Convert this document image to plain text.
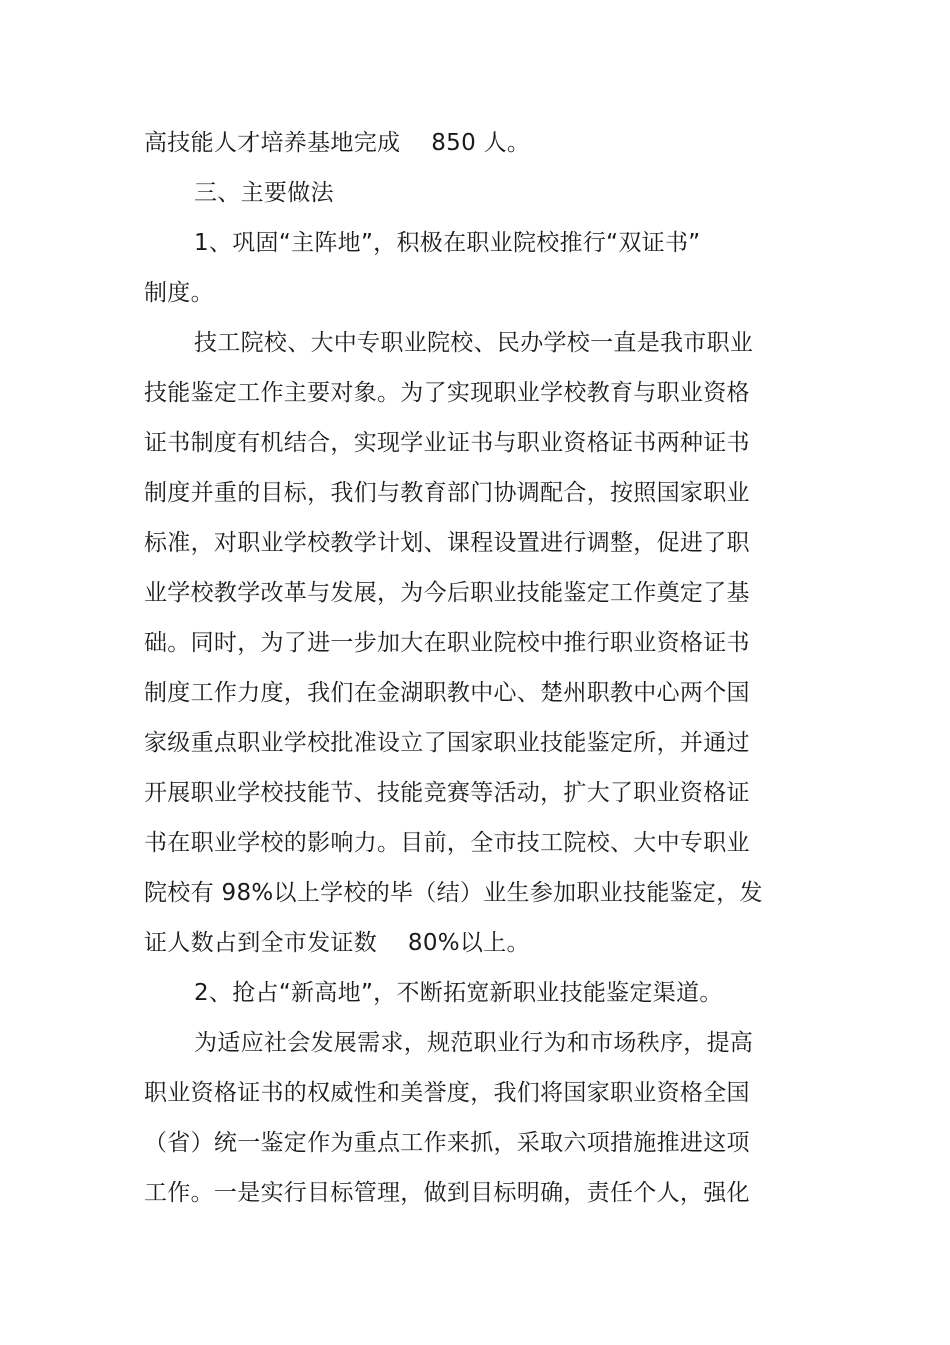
高技能人才培养基地完成　 850 人。
三、主要做法
1、巩固“主阵地”，积极在职业院校推行“双证书”
制度。
技工院校、大中专职业院校、民办学校一直是我市职业
技能鉴定工作主要对象。为了实现职业学校教育与职业资格
证书制度有机结合，实现学业证书与职业资格证书两种证书
制度并重的目标，我们与教育部门协调配合，按照国家职业
标准，对职业学校教学计划、课程设置进行调整，促进了职
业学校教学改革与发展，为今后职业技能鉴定工作奠定了基
础。同时，为了进一步加大在职业院校中推行职业资格证书
制度工作力度，我们在金湖职教中心、楚州职教中心两个国
家级重点职业学校批准设立了国家职业技能鉴定所，并通过
开展职业学校技能节、技能竞赛等活动，扩大了职业资格证
书在职业学校的影响力。目前，全市技工院校、大中专职业
院校有 98%以上学校的毕（结）业生参加职业技能鉴定，发
证人数占到全市发证数　 80%以上。
2、抢占“新高地”，不断拓宽新职业技能鉴定渠道。
为适应社会发展需求，规范职业行为和市场秩序，提高
职业资格证书的权威性和美誉度，我们将国家职业资格全国
（省）统一鉴定作为重点工作来抓，采取六项措施推进这项
工作。一是实行目标管理，做到目标明确，责任个人，强化
